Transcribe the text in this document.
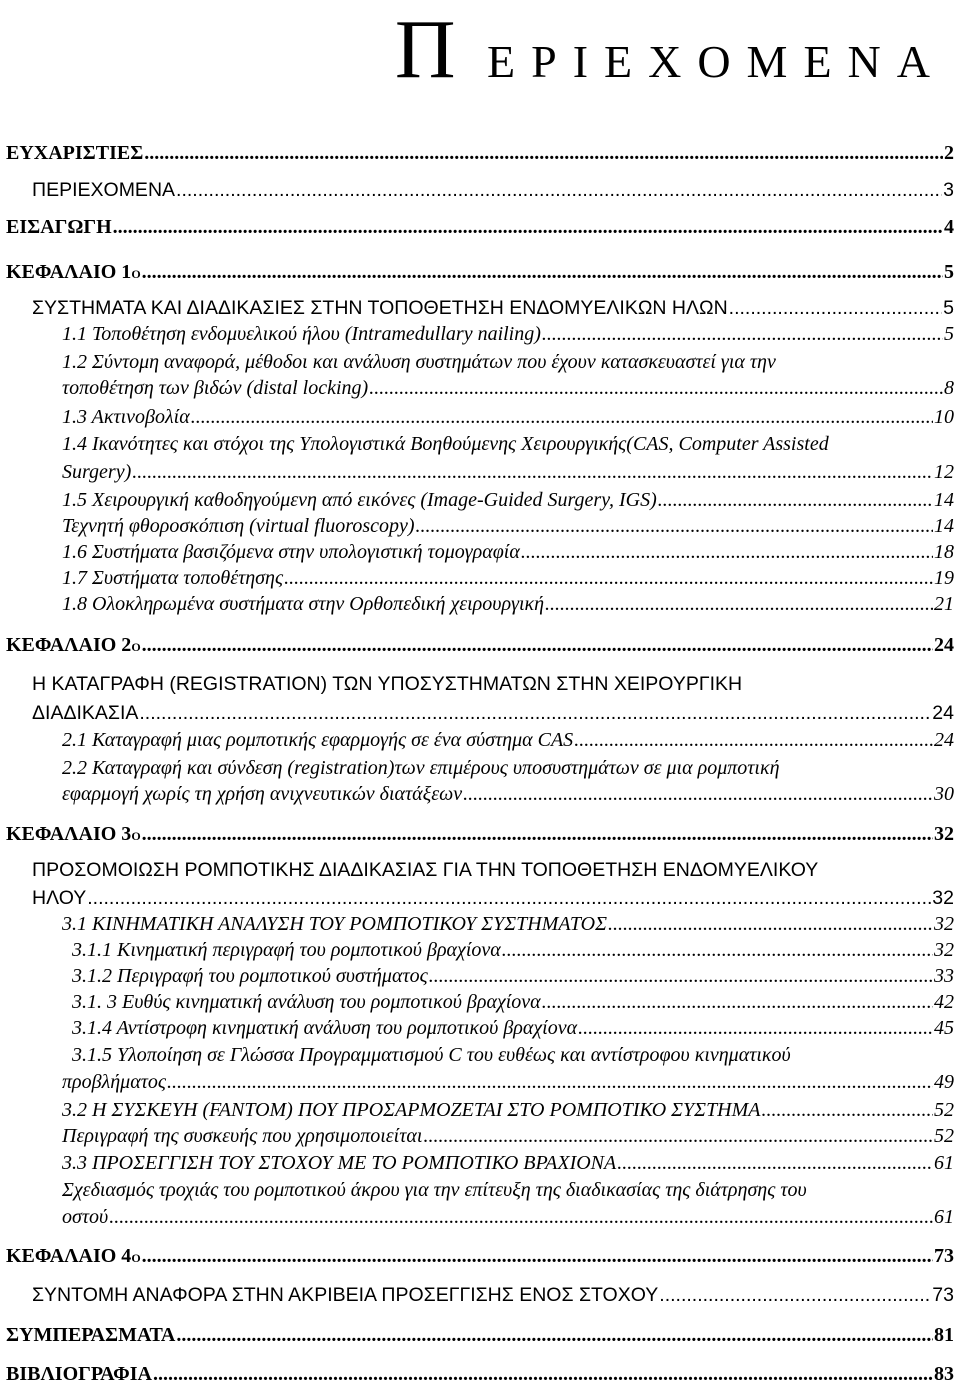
Π ΕΡΙΕΧΟΜΕΝΑ
ΕΥΧΑΡΙΣΤΙΕΣ .....	2
ΠΕΡΙΕΧΟΜΕΝΑ .....	3
ΕΙΣΑΓΩΓΗ .....	4
ΚΕΦΑΛΑΙΟ 1 Ο .....	5
ΣΥΣΤΗΜΑΤΑ ΚΑΙ ΔΙΑΔΙΚΑΣΙΕΣ ΣΤΗΝ ΤΟΠΟΘΕΤΗΣΗ ΕΝΔΟΜΥΕΛΙΚΩΝ ΗΛΩΝ .....	5
1.1 Τοποθέτηση ενδομυελικού ήλου (Intramedullary nailing) .....	5
1.2 Σύντομη αναφορά, μέθοδοι και ανάλυση συστημάτων που έχουν κατασκευαστεί για την
τοποθέτηση των βιδών (distal locking) .....	8
1.3 Ακτινοβολία .....	10
1.4 Ικανότητες και στόχοι της Υπολογιστικά Βοηθούμενης Χειρουργικής(CAS, Computer Assisted
Surgery) .....	12
1.5 Χειρουργική καθοδηγούμενη από εικόνες (Image-Guided Surgery, IGS) .....	14
Τεχνητή φθοροσκόπιση (virtual fluoroscopy) .....	14
1.6 Συστήματα βασιζόμενα στην υπολογιστική τομογραφία .....	18
1.7 Συστήματα τοποθέτησης .....	19
1.8 Ολοκληρωμένα συστήματα στην Ορθοπεδική χειρουργική .....	21
ΚΕΦΑΛΑΙΟ 2 Ο .....	24
Η ΚΑΤΑΓΡΑΦΗ (REGISTRATION) ΤΩΝ ΥΠΟΣΥΣΤΗΜΑΤΩΝ ΣΤΗΝ ΧΕΙΡΟΥΡΓΙΚΗ
ΔΙΑΔΙΚΑΣΙΑ .....	24
2.1 Καταγραφή μιας ρομποτικής εφαρμογής σε ένα σύστημα CAS .....	24
2.2 Καταγραφή και σύνδεση (registration)των επιμέρους υποσυστημάτων σε μια ρομποτική
εφαρμογή χωρίς τη χρήση ανιχνευτικών διατάξεων .....	30
ΚΕΦΑΛΑΙΟ 3 Ο .....	32
ΠΡΟΣΟΜΟΙΩΣΗ ΡΟΜΠΟΤΙΚΗΣ ΔΙΑΔΙΚΑΣΙΑΣ ΓΙΑ ΤΗΝ ΤΟΠΟΘΕΤΗΣΗ ΕΝΔΟΜΥΕΛΙΚΟΥ
ΗΛΟΥ .....	32
3.1 ΚΙΝΗΜΑΤΙΚΗ ΑΝΑΛΥΣΗ ΤΟΥ ΡΟΜΠΟΤΙΚΟΥ ΣΥΣΤΗΜΑΤΟΣ .....	32
3.1.1 Κινηματική περιγραφή του ρομποτικού βραχίονα .....	32
3.1.2 Περιγραφή του ρομποτικού συστήματος .....	33
3.1. 3 Ευθύς κινηματική ανάλυση του ρομποτικού βραχίονα .....	42
3.1.4 Αντίστροφη κινηματική ανάλυση του ρομποτικού βραχίονα .....	45
3.1.5 Υλοποίηση σε Γλώσσα Προγραμματισμού C του ευθέως και αντίστροφου κινηματικού
προβλήματος .....	49
3.2 Η ΣΥΣΚΕΥΗ (FANTOM) ΠΟΥ ΠΡΟΣΑΡΜΟΖΕΤΑΙ ΣΤΟ ΡΟΜΠΟΤΙΚΟ ΣΥΣΤΗΜΑ .....	52
Περιγραφή της συσκευής που χρησιμοποιείται .....	52
3.3 ΠΡΟΣΕΓΓΙΣΗ ΤΟΥ ΣΤΟΧΟΥ ΜΕ ΤΟ ΡΟΜΠΟΤΙΚΟ ΒΡΑΧΙΟΝΑ .....	61
Σχεδιασμός τροχιάς του ρομποτικού άκρου για την επίτευξη της διαδικασίας της διάτρησης του
οστού .....	61
ΚΕΦΑΛΑΙΟ 4 Ο .....	73
ΣΥΝΤΟΜΗ ΑΝΑΦΟΡΑ ΣΤΗΝ ΑΚΡΙΒΕΙΑ ΠΡΟΣΕΓΓΙΣΗΣ ΕΝΟΣ ΣΤΟΧΟΥ .....	73
ΣΥΜΠΕΡΑΣΜΑΤΑ .....	81
ΒΙΒΛΙΟΓΡΑΦΙΑ .....	83
